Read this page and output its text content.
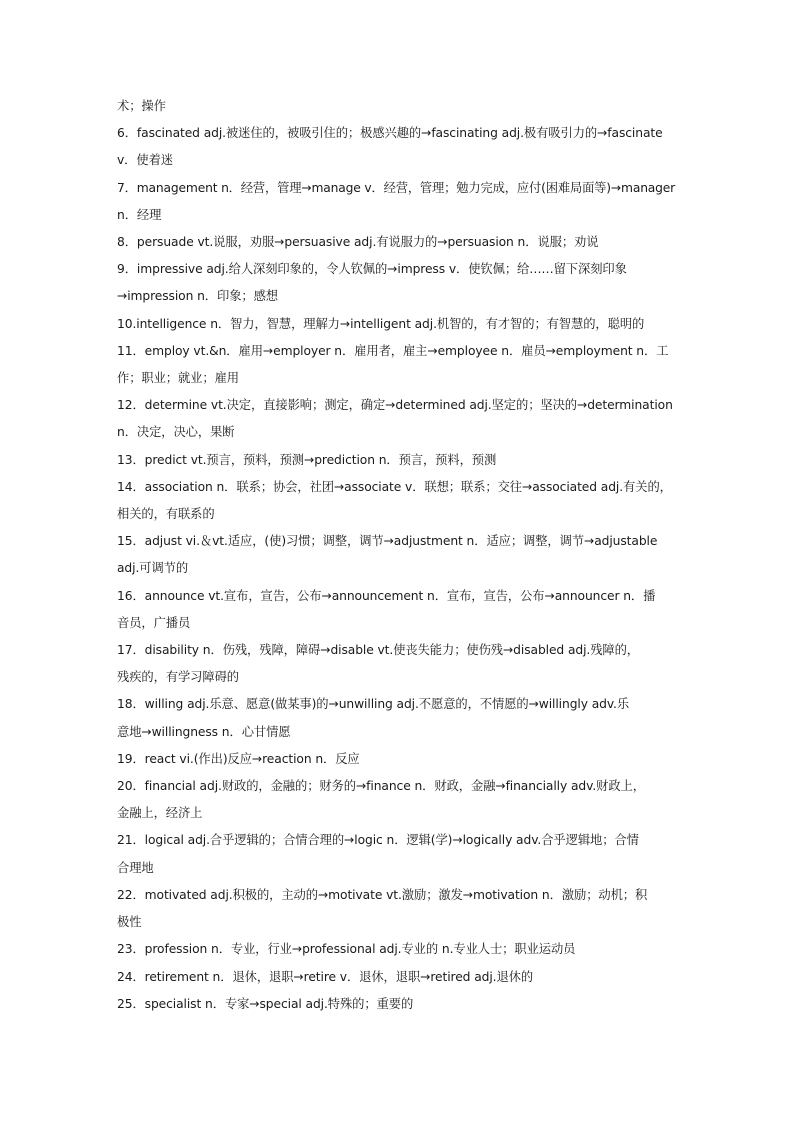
术；操作
6．fascinated adj.被迷住的，被吸引住的；极感兴趣的→fascinating adj.极有吸引力的→fascinate
v．使着迷
7．management n．经营，管理→manage v．经营，管理；勉力完成，应付(困难局面等)→manager
n．经理
8．persuade vt.说服，劝服→persuasive adj.有说服力的→persuasion n．说服；劝说
9．impressive adj.给人深刻印象的，令人钦佩的→impress v．使钦佩；给……留下深刻印象
→impression n．印象；感想
10.intelligence n．智力，智慧，理解力→intelligent adj.机智的，有才智的；有智慧的，聪明的
11．employ vt.&n．雇用→employer n．雇用者，雇主→employee n．雇员→employment n．工
作；职业；就业；雇用
12．determine vt.决定，直接影响；测定，确定→determined adj.坚定的；坚决的→determination
n．决定，决心，果断
13．predict vt.预言，预料，预测→prediction n．预言，预料，预测
14．association n．联系；协会，社团→associate v．联想；联系；交往→associated adj.有关的，
相关的，有联系的
15．adjust vi.＆vt.适应，(使)习惯；调整，调节→adjustment n．适应；调整，调节→adjustable
adj.可调节的
16．announce vt.宣布，宣告，公布→announcement n．宣布，宣告，公布→announcer n．播
音员，广播员
17．disability n．伤残，残障，障碍→disable vt.使丧失能力；使伤残→disabled adj.残障的，
残疾的，有学习障碍的
18．willing adj.乐意、愿意(做某事)的→unwilling adj.不愿意的，不情愿的→willingly adv.乐
意地→willingness n．心甘情愿
19．react vi.(作出)反应→reaction n．反应
20．financial adj.财政的，金融的；财务的→finance n．财政，金融→financially adv.财政上，
金融上，经济上
21．logical adj.合乎逻辑的；合情合理的→logic n．逻辑(学)→logically adv.合乎逻辑地；合情
合理地
22．motivated adj.积极的，主动的→motivate vt.激励；激发→motivation n．激励；动机；积
极性
23．profession n．专业，行业→professional adj.专业的 n.专业人士；职业运动员
24．retirement n．退休，退职→retire v．退休，退职→retired adj.退休的
25．specialist n．专家→special adj.特殊的；重要的
